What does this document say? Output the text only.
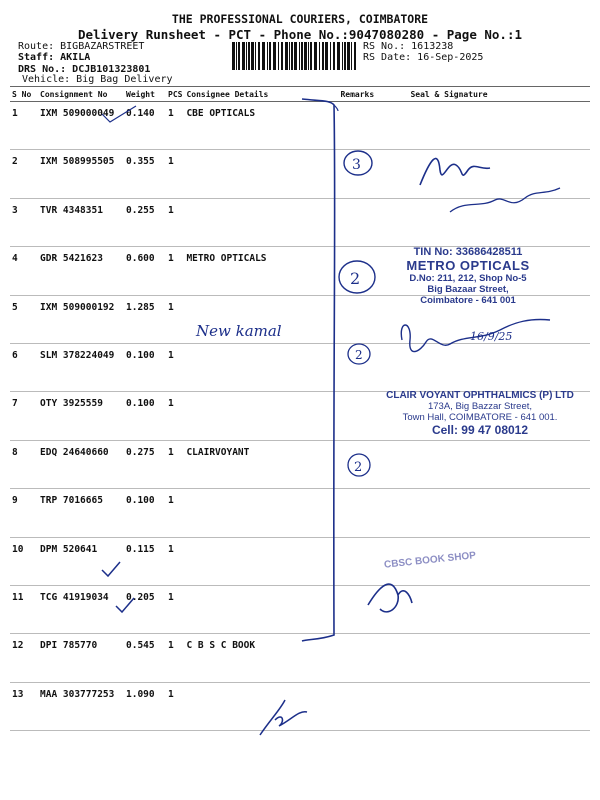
THE PROFESSIONAL COURIERS, COIMBATORE
Delivery Runsheet - PCT - Phone No.:9047080280 - Page No.:1
Route: BIGBAZARSTREET
Staff: AKILA
DRS No.: DCJB101323801
Vehicle: Big Bag Delivery
RS No.: 1613238
RS Date: 16-Sep-2025
S No	Consignment No	Weight	PCS	Consignee Details	Remarks	Seal & Signature
1	IXM 509000049	0.140	1	CBE OPTICALS		
2	IXM 508995505	0.355	1			
3	TVR 4348351	0.255	1			
4	GDR 5421623	0.600	1	METRO OPTICALS		
5	IXM 509000192	1.285	1			
6	SLM 378224049	0.100	1			
7	OTY 3925559	0.100	1			
8	EDQ 24640660	0.275	1	CLAIRVOYANT		
9	TRP 7016665	0.100	1			
10	DPM 520641	0.115	1			
11	TCG 41919034	0.205	1			
12	DPI 785770	0.545	1	C B S C BOOK		
13	MAA 303777253	1.090	1			
3
2
2
2
New kamal	16/9/25
TIN No: 33686428511
METRO OPTICALS
D.No: 211, 212, Shop No-5
Big Bazaar Street,
Coimbatore - 641 001
CLAIR VOYANT OPHTHALMICS (P) LTD
173A, Big Bazzar Street,
Town Hall, COIMBATORE - 641 001.
Cell: 99 47 08012
CBSC BOOK SHOP
